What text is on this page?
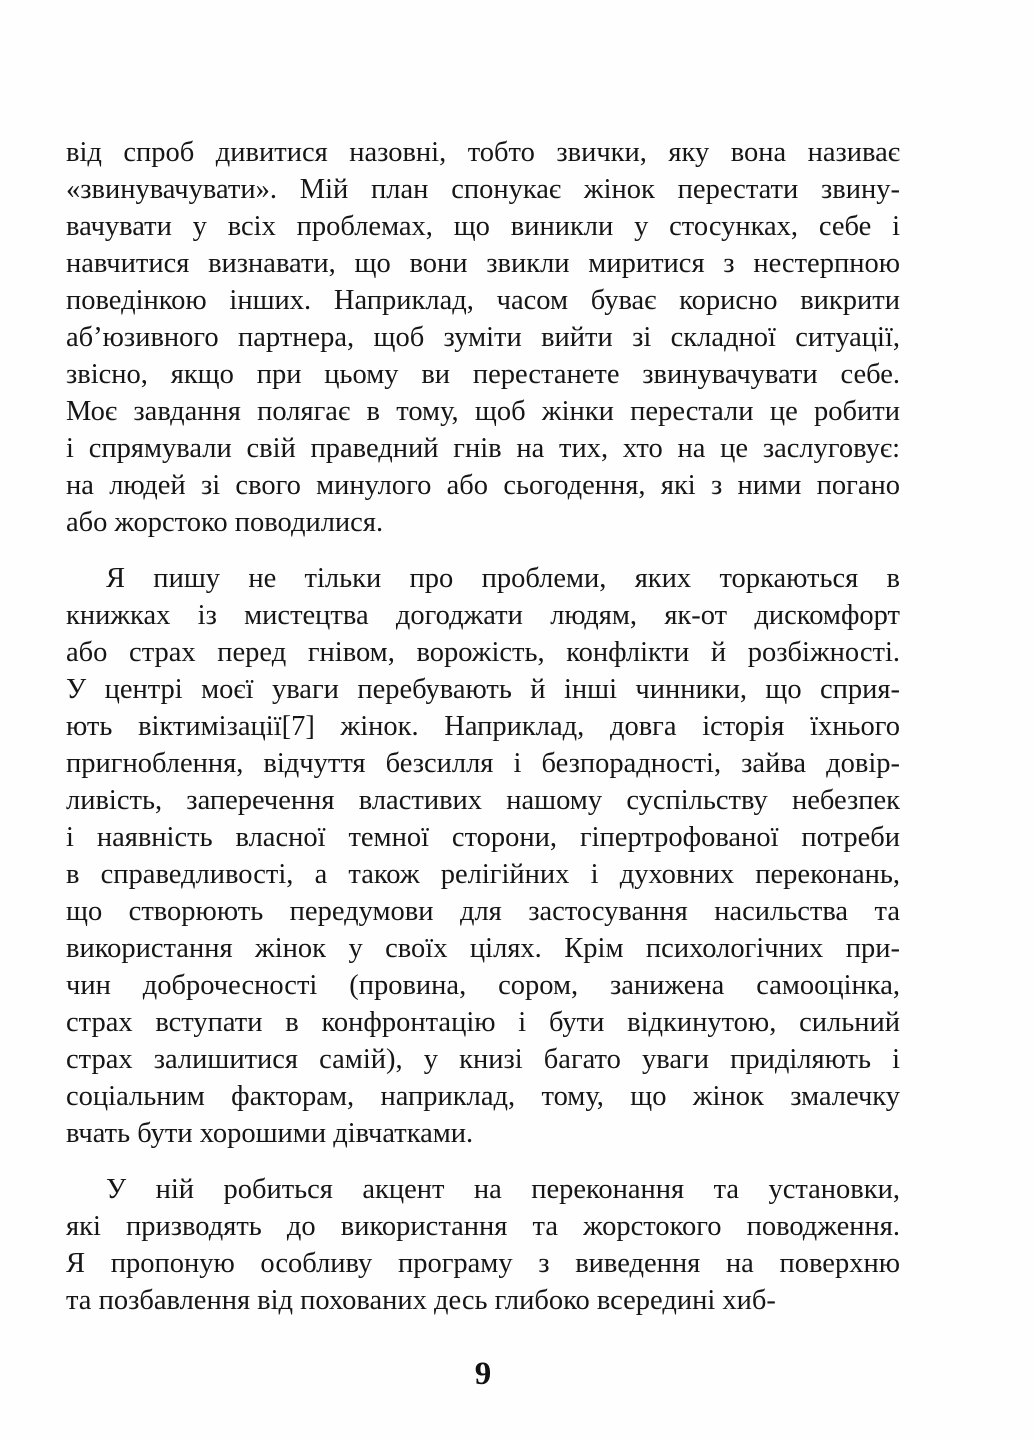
від спроб дивитися назовні, тобто звички, яку вона називає
«звинувачувати». Мій план спонукає жінок перестати звину-
вачувати у всіх проблемах, що виникли у стосунках, себе і
навчитися визнавати, що вони звикли миритися з нестерпною
поведінкою інших. Наприклад, часом буває корисно викрити
аб’юзивного партнера, щоб зуміти вийти зі складної ситуації,
звісно, якщо при цьому ви перестанете звинувачувати себе.
Моє завдання полягає в тому, щоб жінки перестали це робити
і спрямували свій праведний гнів на тих, хто на це заслуговує:
на людей зі свого минулого або сьогодення, які з ними погано
або жорстоко поводилися.
Я пишу не тільки про проблеми, яких торкаються в
книжках із мистецтва догоджати людям, як-от дискомфорт
або страх перед гнівом, ворожість, конфлікти й розбіжності.
У центрі моєї уваги перебувають й інші чинники, що сприя-
ють віктимізації[7] жінок. Наприклад, довга історія їхнього
пригноблення, відчуття безсилля і безпорадності, зайва довір-
ливість, заперечення властивих нашому суспільству небезпек
і наявність власної темної сторони, гіпертрофованої потреби
в справедливості, а також релігійних і духовних переконань,
що створюють передумови для застосування насильства та
використання жінок у своїх цілях. Крім психологічних при-
чин доброчесності (провина, сором, занижена самооцінка,
страх вступати в конфронтацію і бути відкинутою, сильний
страх залишитися самій), у книзі багато уваги приділяють і
соціальним факторам, наприклад, тому, що жінок змалечку
вчать бути хорошими дівчатками.
У ній робиться акцент на переконання та установки,
які призводять до використання та жорстокого поводження.
Я пропоную особливу програму з виведення на поверхню
та позбавлення від похованих десь глибоко всередині хиб-
9
